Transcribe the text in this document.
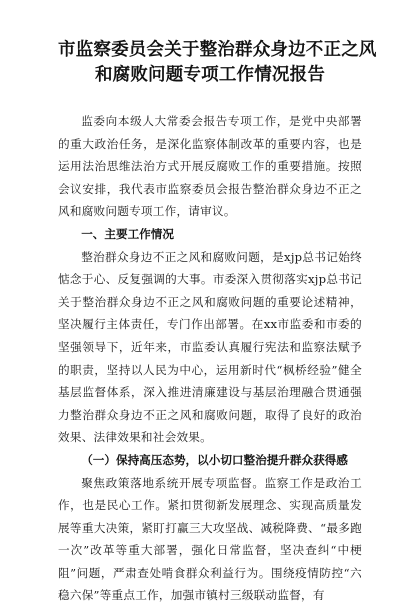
市监察委员会关于整治群众身边不正之风
和腐败问题专项工作情况报告

监委向本级人大常委会报告专项工作，是党中央部署的重大政治任务，是深化监察体制改革的重要内容，也是运用法治思维法治方式开展反腐败工作的重要措施。按照会议安排，我代表市监察委员会报告整治群众身边不正之风和腐败问题专项工作，请审议。

一、主要工作情况

整治群众身边不正之风和腐败问题，是xjp总书记始终惦念于心、反复强调的大事。市委深入贯彻落实xjp总书记关于整治群众身边不正之风和腐败问题的重要论述精神，坚决履行主体责任，专门作出部署。在xx市监委和市委的坚强领导下，近年来，市监委认真履行宪法和监察法赋予的职责，坚持以人民为中心，运用新时代“枫桥经验”健全基层监督体系，深入推进清廉建设与基层治理融合贯通强力整治群众身边不正之风和腐败问题，取得了良好的政治效果、法律效果和社会效果。

（一）保持高压态势，以小切口整治提升群众获得感

聚焦政策落地系统开展专项监督。监察工作是政治工作，也是民心工作。紧扣贯彻新发展理念、实现高质量发展等重大决策，紧盯打赢三大攻坚战、减税降费、“最多跑一次”改革等重大部署，强化日常监督，坚决查纠“中梗阻”问题，严肃查处啃食群众利益行为。围绕疫情防控“六稳六保”等重点工作，加强市镇村三级联动监督，有
